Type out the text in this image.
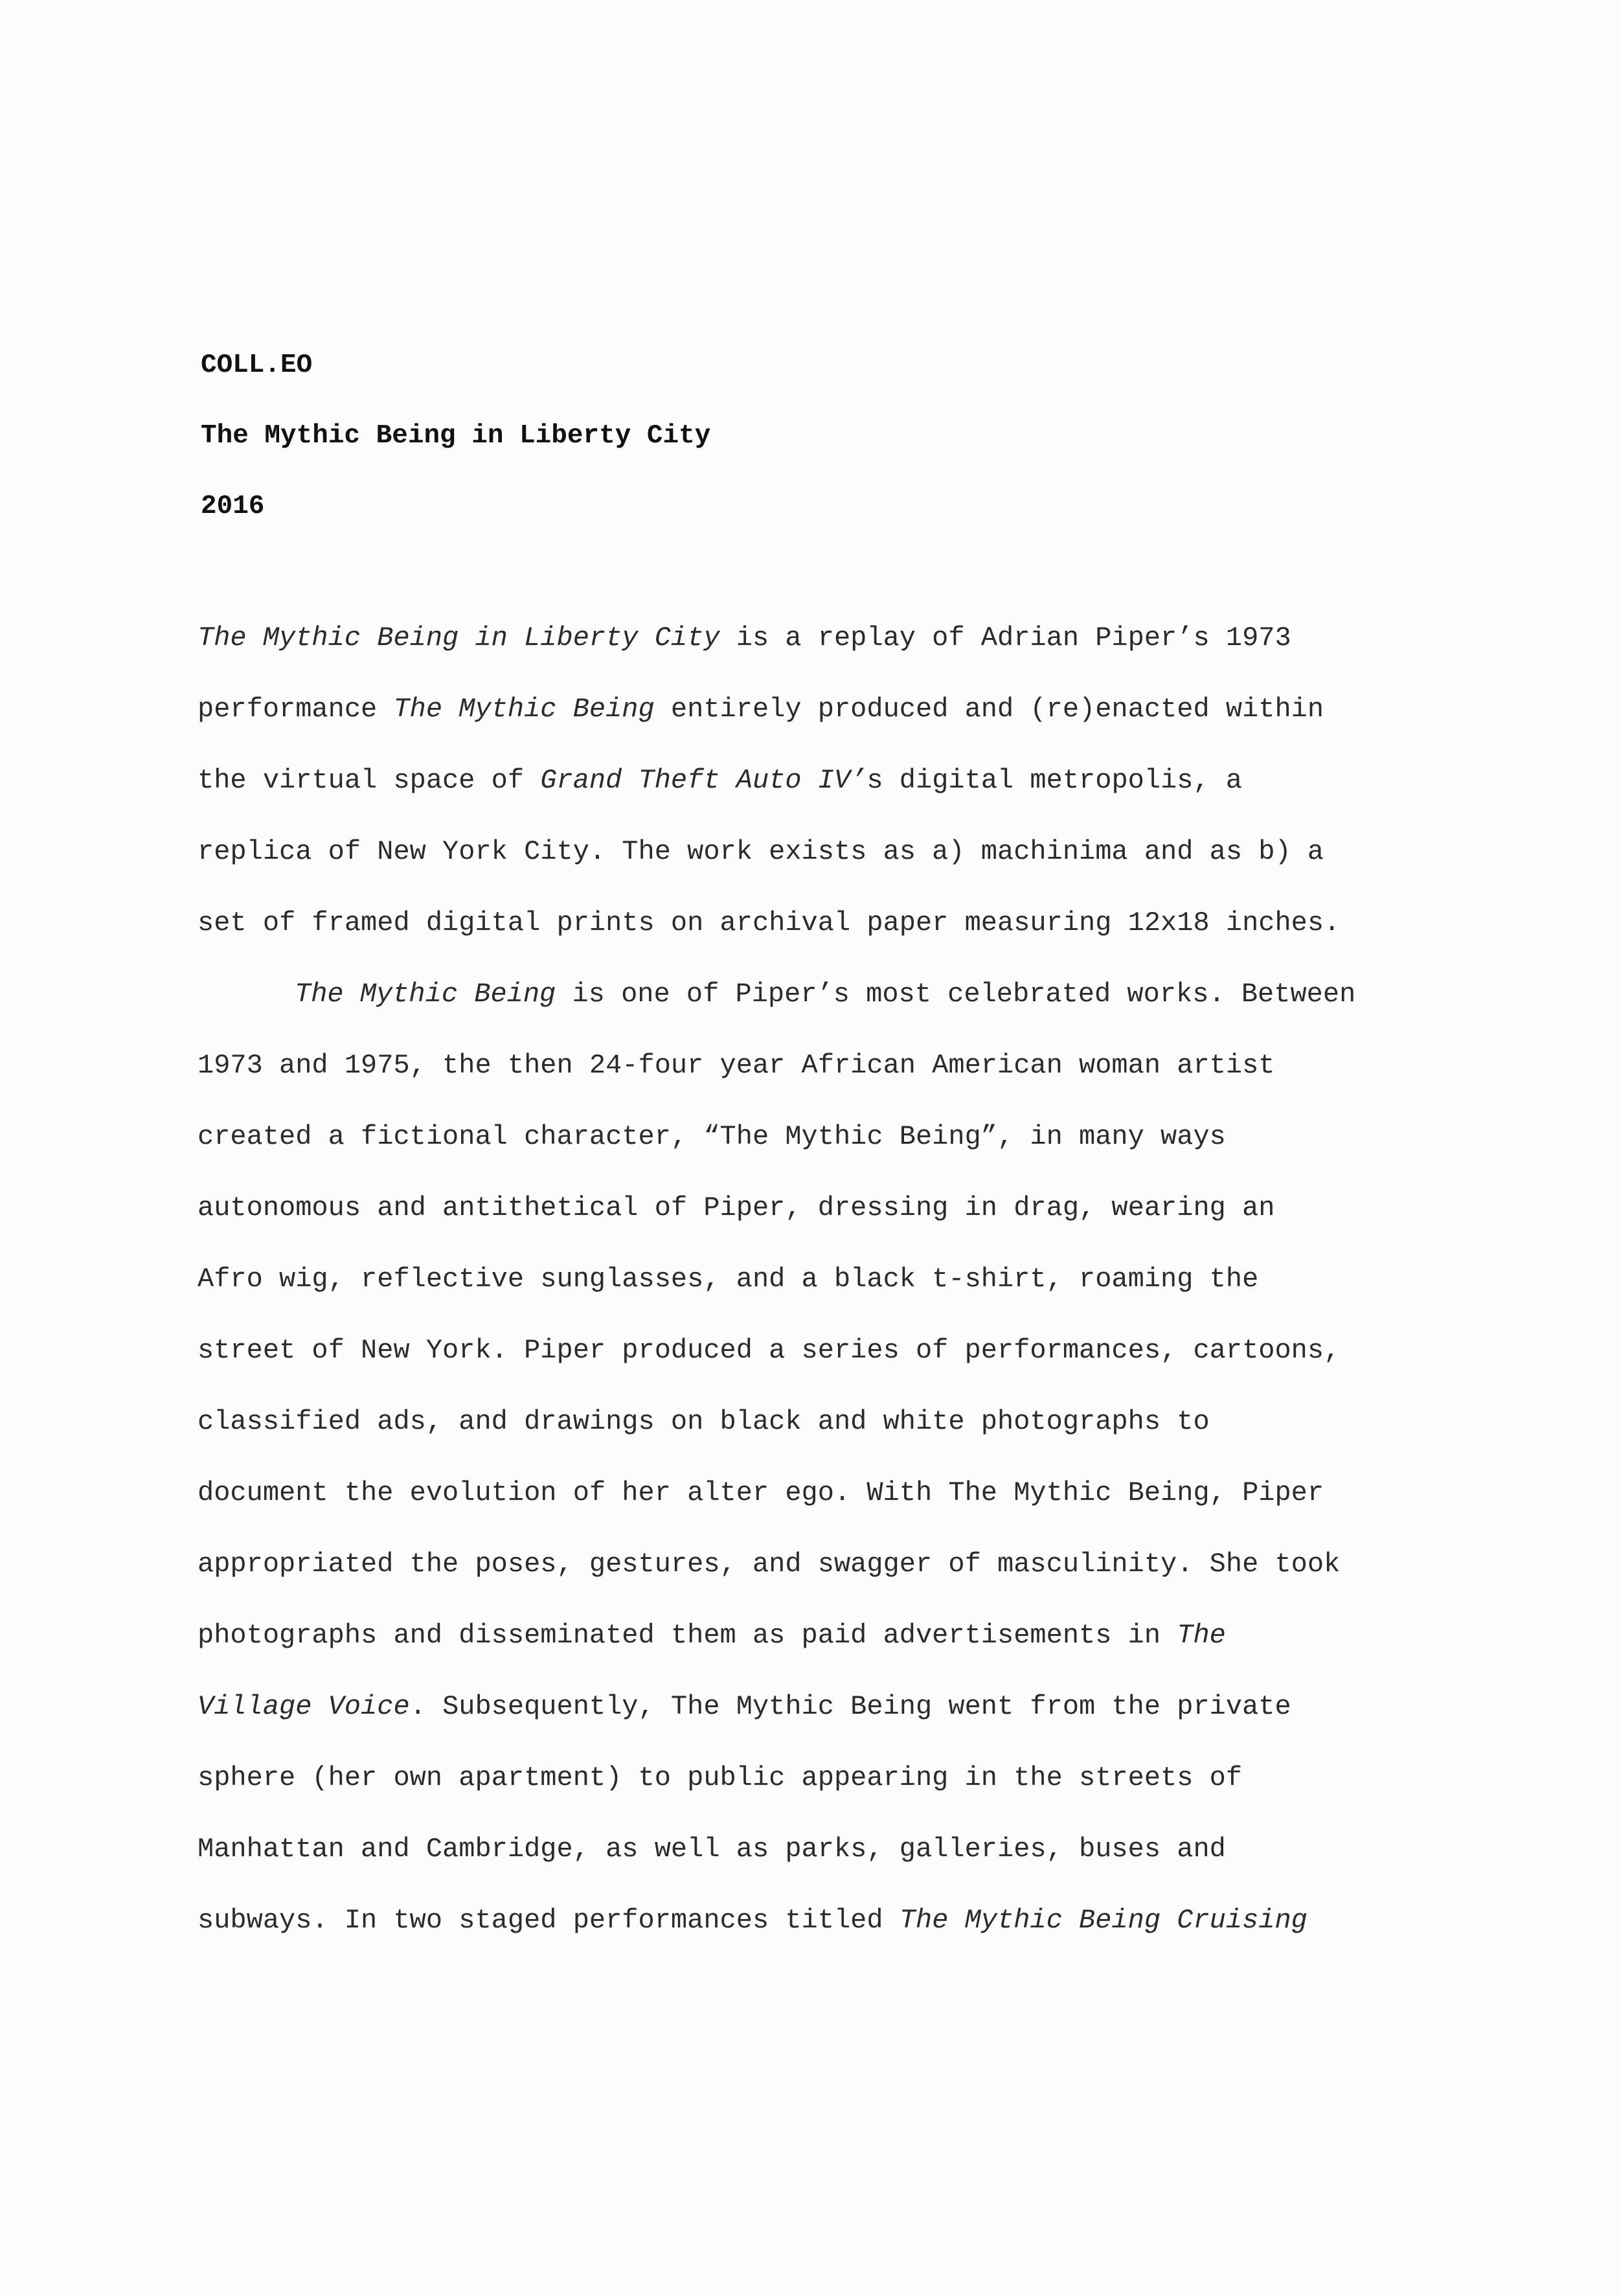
COLL.EO
The Mythic Being in Liberty City
2016
The Mythic Being in Liberty City is a replay of Adrian Piper’s 1973
performance The Mythic Being entirely produced and (re)enacted within
the virtual space of Grand Theft Auto IV’s digital metropolis, a
replica of New York City. The work exists as a) machinima and as b) a
set of framed digital prints on archival paper measuring 12x18 inches.
The Mythic Being is one of Piper’s most celebrated works. Between
1973 and 1975, the then 24-four year African American woman artist
created a fictional character, “The Mythic Being”, in many ways
autonomous and antithetical of Piper, dressing in drag, wearing an
Afro wig, reflective sunglasses, and a black t-shirt, roaming the
street of New York. Piper produced a series of performances, cartoons,
classified ads, and drawings on black and white photographs to
document the evolution of her alter ego. With The Mythic Being, Piper
appropriated the poses, gestures, and swagger of masculinity. She took
photographs and disseminated them as paid advertisements in The
Village Voice. Subsequently, The Mythic Being went from the private
sphere (her own apartment) to public appearing in the streets of
Manhattan and Cambridge, as well as parks, galleries, buses and
subways. In two staged performances titled The Mythic Being Cruising
